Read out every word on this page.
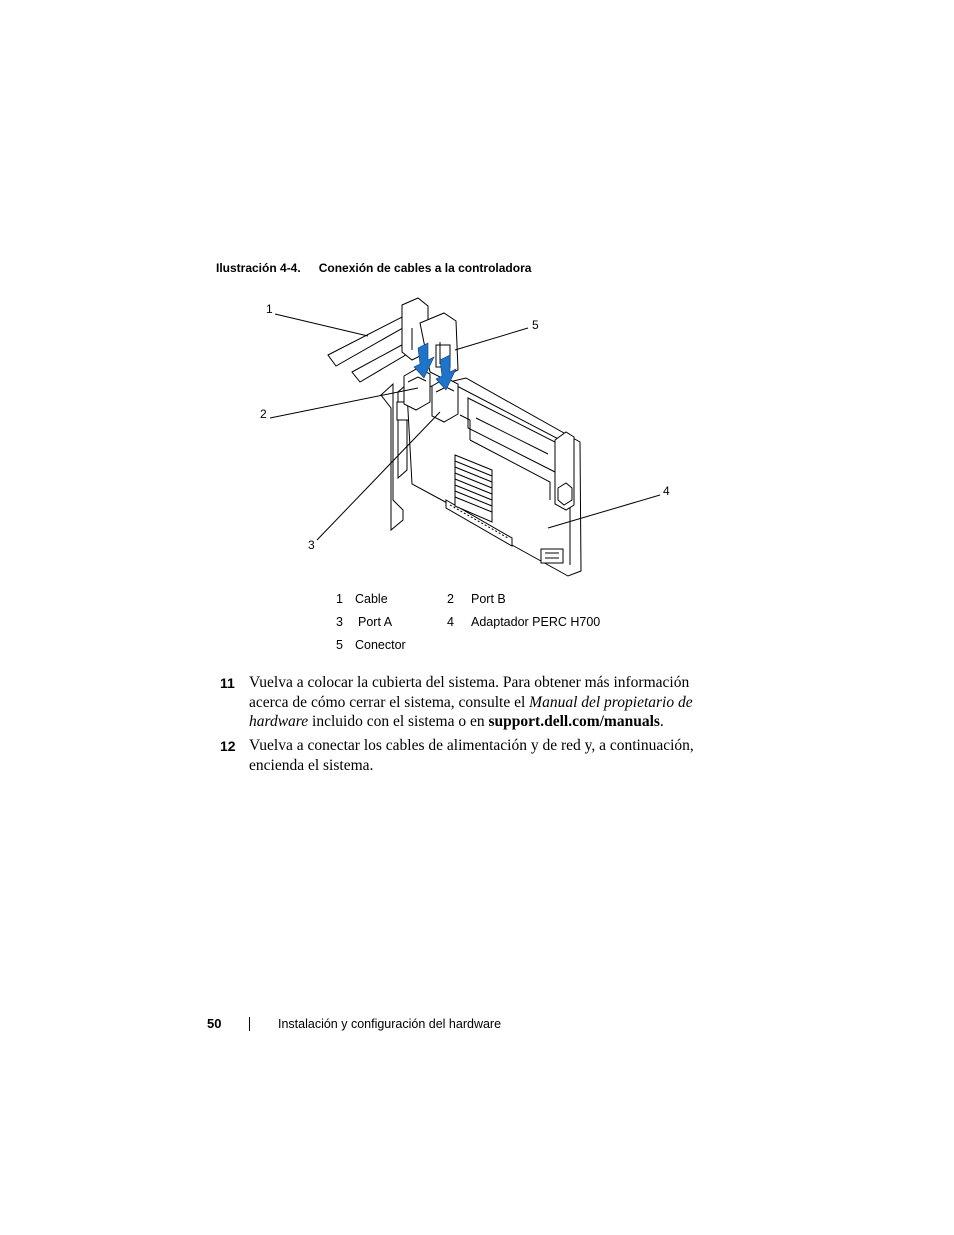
Ilustración 4-4. Conexión de cables a la controladora
1
2
3
4
5
1 Cable	2 Port B
3 Port A	4 Adaptador PERC H700
5 Conector
11 Vuelva a colocar la cubierta del sistema. Para obtener más información acerca de cómo cerrar el sistema, consulte el Manual del propietario de hardware incluido con el sistema o en support.dell.com/manuals.
12 Vuelva a conectar los cables de alimentación y de red y, a continuación, encienda el sistema.
50	Instalación y configuración del hardware
